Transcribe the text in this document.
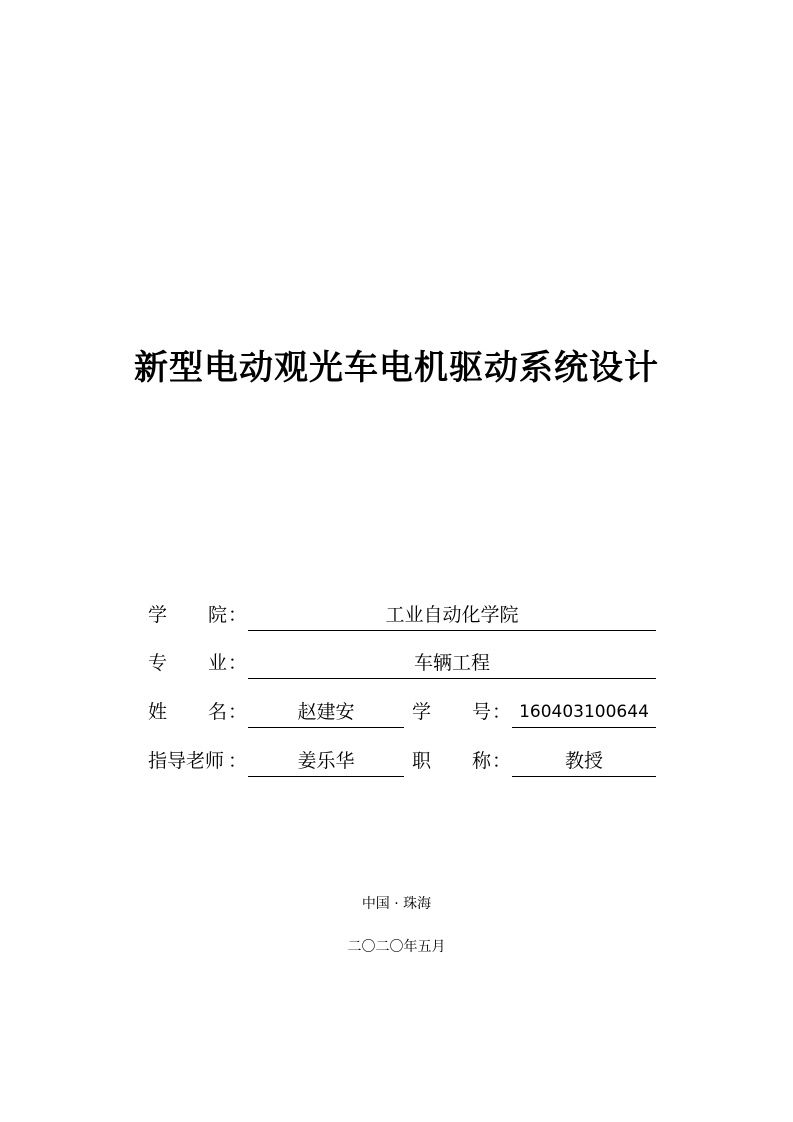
新型电动观光车电机驱动系统设计
学 院 ：	工业自动化学院
专 业 ：	车辆工程
姓 名 ：	赵建安	学 号 ： 160403100644
指导老师 ：	姜乐华	职 称 ：	教授
中国 · 珠海
二〇二〇年五月
